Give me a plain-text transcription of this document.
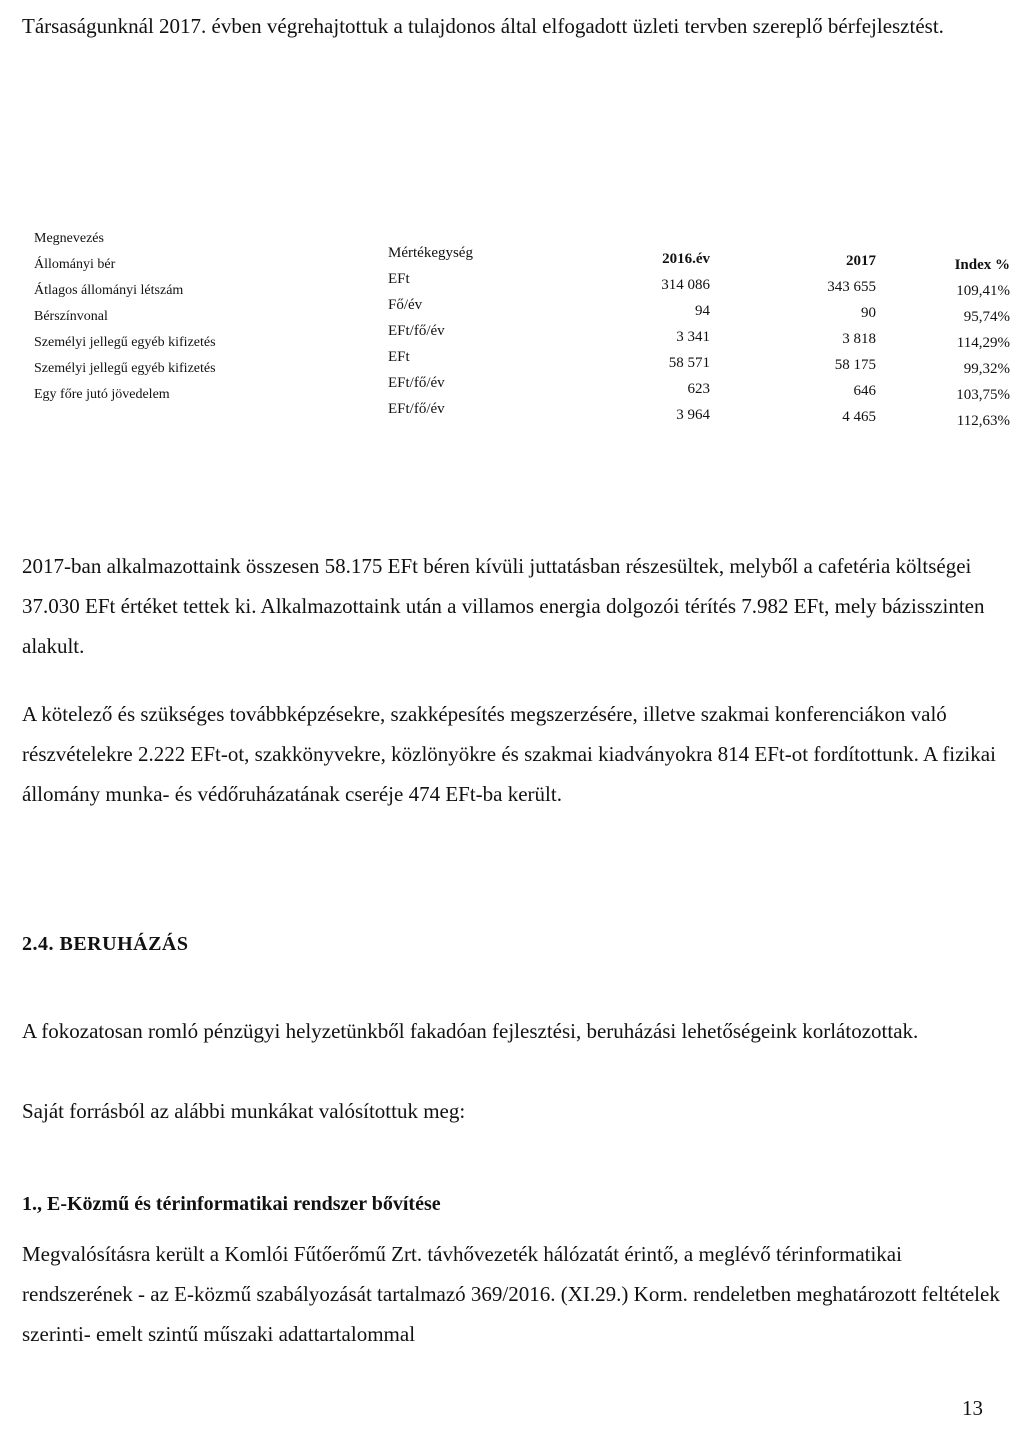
Társaságunknál 2017. évben végrehajtottuk a tulajdonos által elfogadott üzleti tervben szereplő bérfejlesztést.

Megnevezés
Állományi bér
Átlagos állományi létszám
Bérszínvonal
Személyi jellegű egyéb kifizetés
Személyi jellegű egyéb kifizetés
Egy főre jutó jövedelem
Mértékegység
EFt
Fő/év
EFt/fő/év
EFt
EFt/fő/év
EFt/fő/év
2016.év
314 086
94
3 341
58 571
623
3 964
2017
343 655
90
3 818
58 175
646
4 465
Index %
109,41%
95,74%
114,29%
99,32%
103,75%
112,63%

2017-ban alkalmazottaink összesen 58.175 EFt béren kívüli juttatásban részesültek, melyből a cafetéria költségei 37.030 EFt értéket tettek ki. Alkalmazottaink után a villamos energia dolgozói térítés 7.982 EFt, mely bázisszinten alakult.

A kötelező és szükséges továbbképzésekre, szakképesítés megszerzésére, illetve szakmai konferenciákon való részvételekre 2.222 EFt-ot, szakkönyvekre, közlönyökre és szakmai kiadványokra 814 EFt-ot fordítottunk. A fizikai állomány munka- és védőruházatának cseréje 474 EFt-ba került.

2.4. BERUHÁZÁS

A fokozatosan romló pénzügyi helyzetünkből fakadóan fejlesztési, beruházási lehetőségeink korlátozottak.

Saját forrásból az alábbi munkákat valósítottuk meg:

1., E-Közmű és térinformatikai rendszer bővítése

Megvalósításra került a Komlói Fűtőerőmű Zrt. távhővezeték hálózatát érintő, a meglévő térinformatikai rendszerének - az E-közmű szabályozását tartalmazó 369/2016. (XI.29.) Korm. rendeletben meghatározott feltételek szerinti- emelt szintű műszaki adattartalommal

13
